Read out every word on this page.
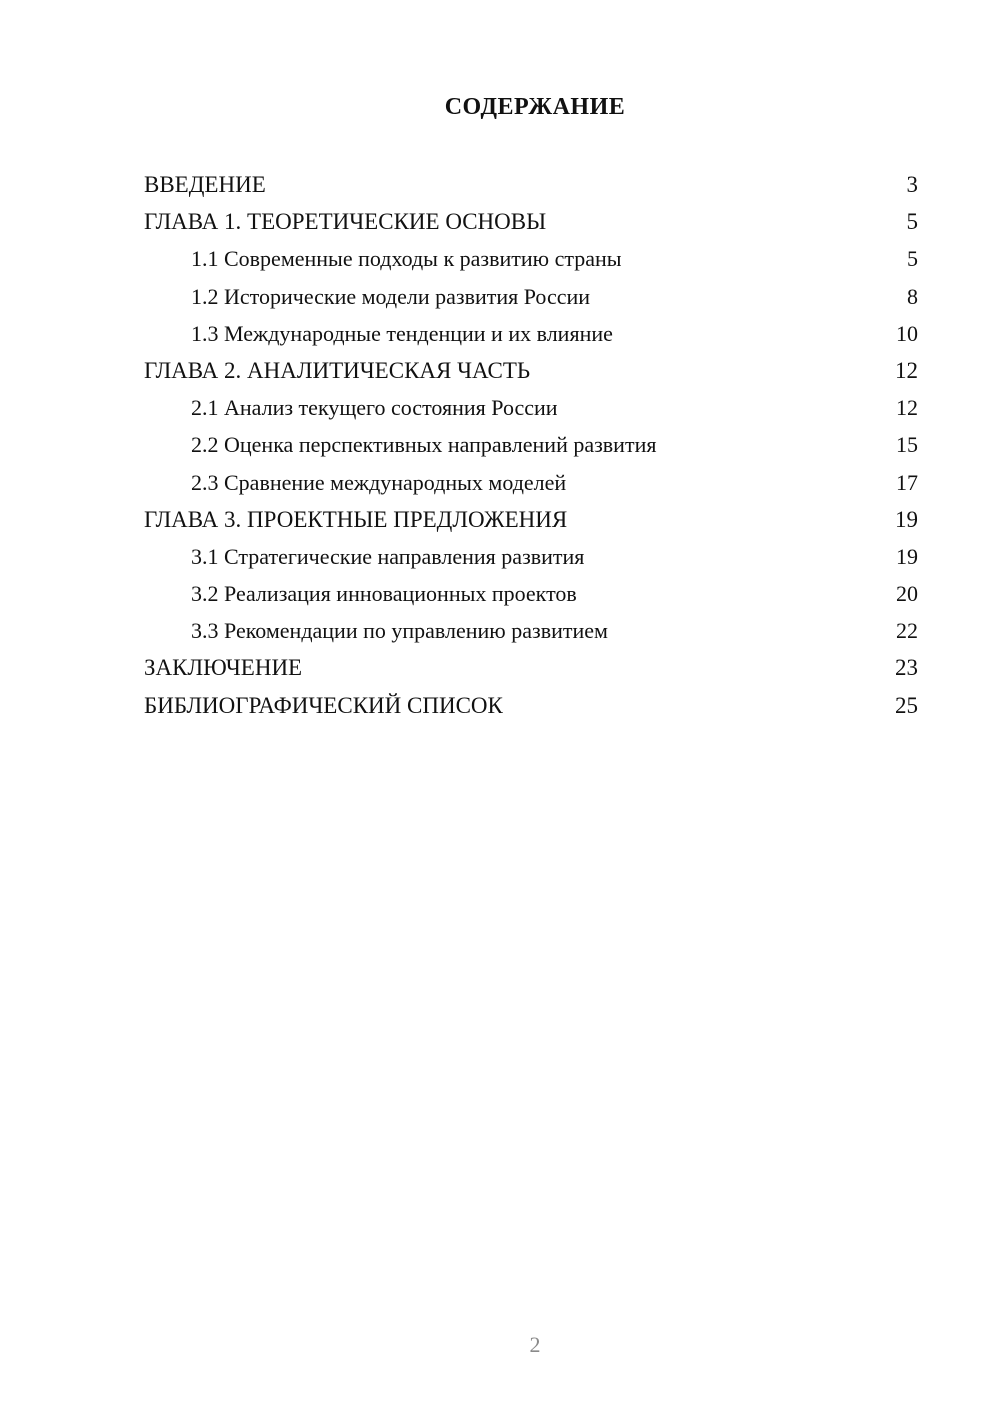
СОДЕРЖАНИЕ
ВВЕДЕНИЕ	3
ГЛАВА 1. ТЕОРЕТИЧЕСКИЕ ОСНОВЫ	5
1.1 Современные подходы к развитию страны	5
1.2 Исторические модели развития России	8
1.3 Международные тенденции и их влияние	10
ГЛАВА 2. АНАЛИТИЧЕСКАЯ ЧАСТЬ	12
2.1 Анализ текущего состояния России	12
2.2 Оценка перспективных направлений развития	15
2.3 Сравнение международных моделей	17
ГЛАВА 3. ПРОЕКТНЫЕ ПРЕДЛОЖЕНИЯ	19
3.1 Стратегические направления развития	19
3.2 Реализация инновационных проектов	20
3.3 Рекомендации по управлению развитием	22
ЗАКЛЮЧЕНИЕ	23
БИБЛИОГРАФИЧЕСКИЙ СПИСОК	25
2
